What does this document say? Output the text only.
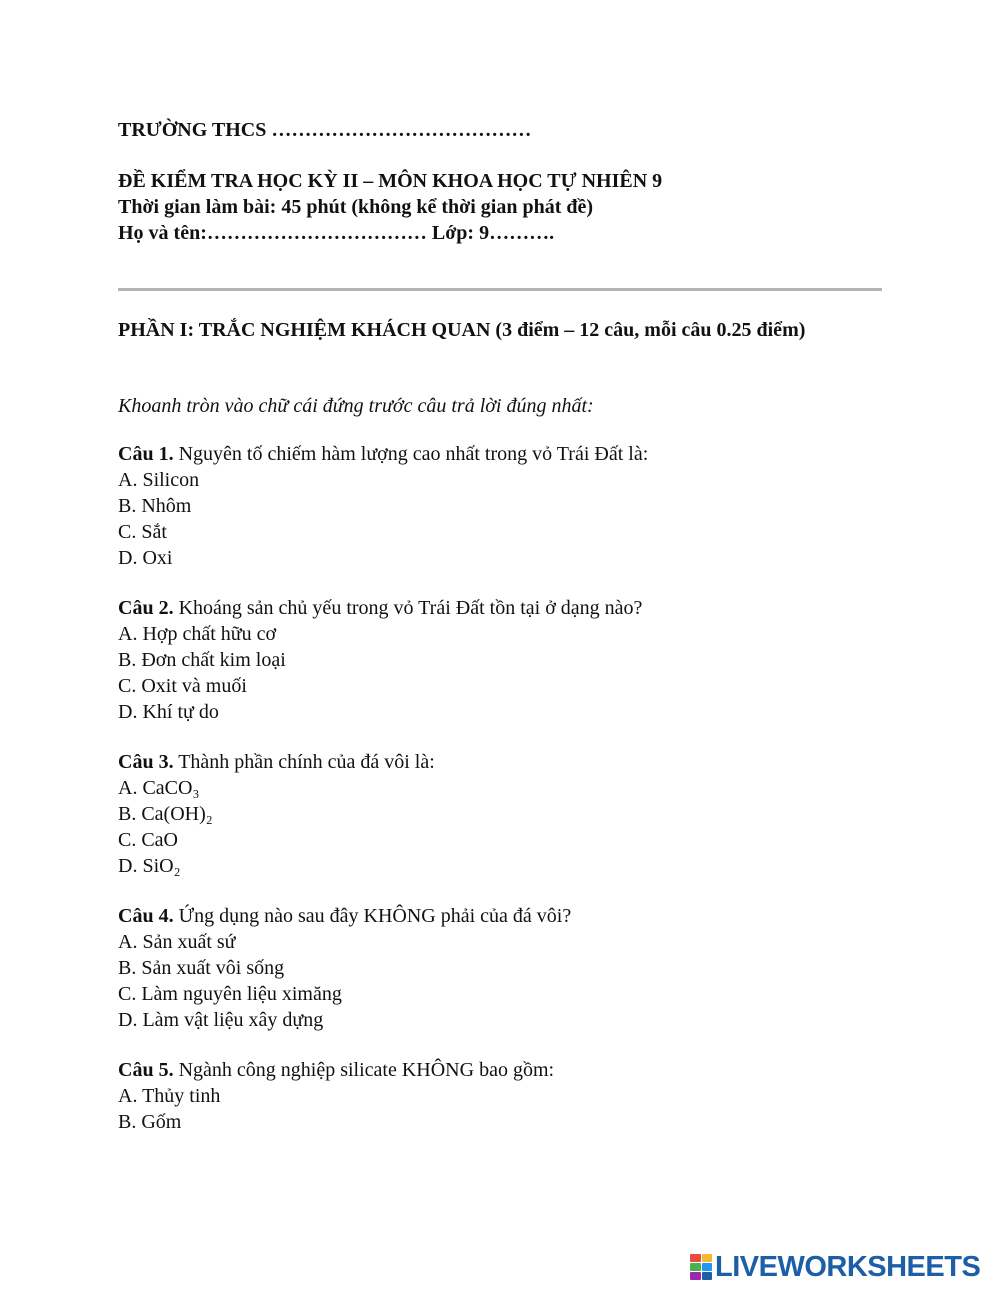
TRƯỜNG THCS …………………………………

ĐỀ KIỂM TRA HỌC KỲ II – MÔN KHOA HỌC TỰ NHIÊN 9
Thời gian làm bài: 45 phút (không kể thời gian phát đề)
Họ và tên:…………………………… Lớp: 9……….
PHẦN I: TRẮC NGHIỆM KHÁCH QUAN (3 điểm – 12 câu, mỗi câu 0.25 điểm)
Khoanh tròn vào chữ cái đứng trước câu trả lời đúng nhất:
Câu 1. Nguyên tố chiếm hàm lượng cao nhất trong vỏ Trái Đất là:
A. Silicon
B. Nhôm
C. Sắt
D. Oxi
Câu 2. Khoáng sản chủ yếu trong vỏ Trái Đất tồn tại ở dạng nào?
A. Hợp chất hữu cơ
B. Đơn chất kim loại
C. Oxit và muối
D. Khí tự do
Câu 3. Thành phần chính của đá vôi là:
A. CaCO₃
B. Ca(OH)₂
C. CaO
D. SiO₂
Câu 4. Ứng dụng nào sau đây KHÔNG phải của đá vôi?
A. Sản xuất sứ
B. Sản xuất vôi sống
C. Làm nguyên liệu ximăng
D. Làm vật liệu xây dựng
Câu 5. Ngành công nghiệp silicate KHÔNG bao gồm:
A. Thủy tinh
B. Gốm
LIVEWORKSHEETS
